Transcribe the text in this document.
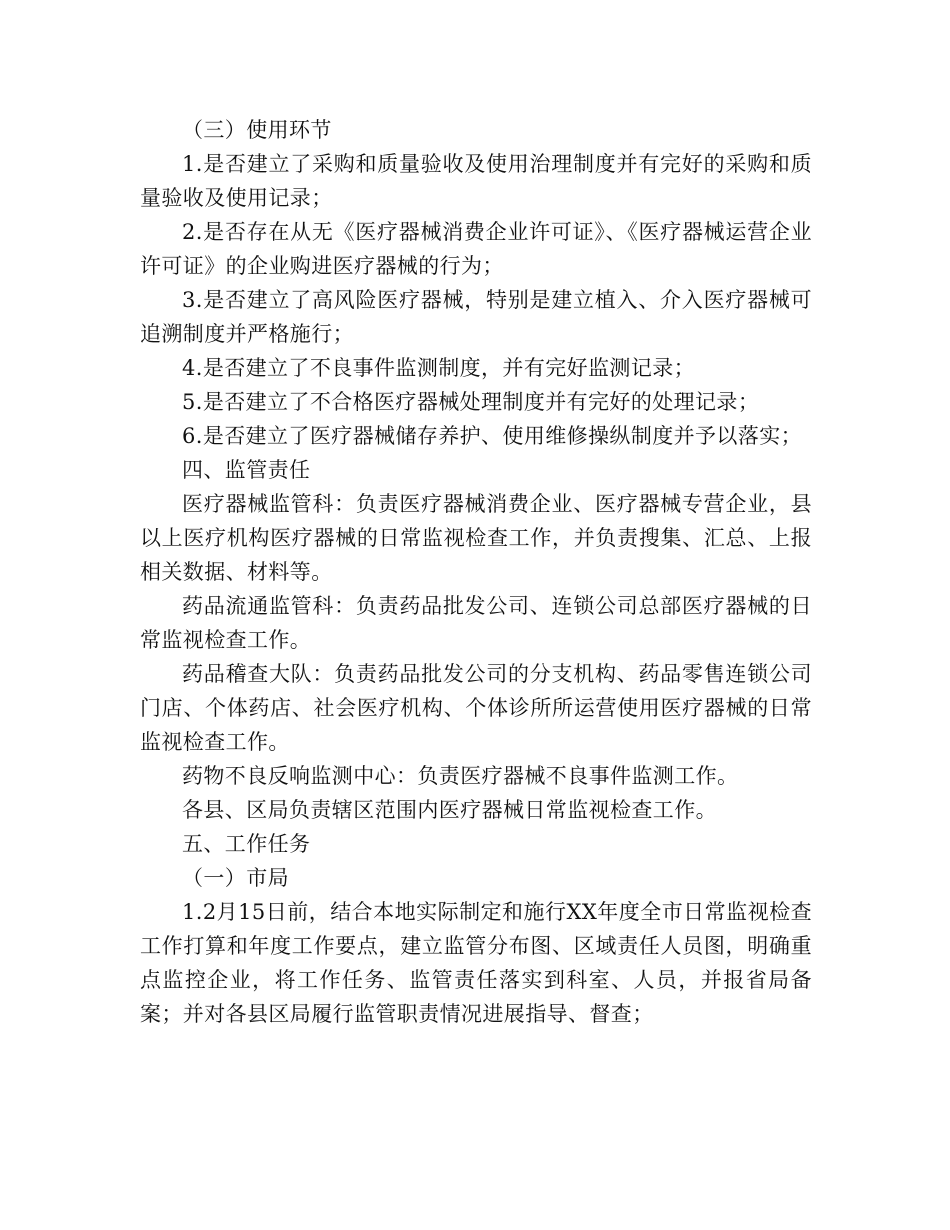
（三）使用环节

1.是否建立了采购和质量验收及使用治理制度并有完好的采购和质量验收及使用记录；

2.是否存在从无《医疗器械消费企业许可证》、《医疗器械运营企业许可证》的企业购进医疗器械的行为；

3.是否建立了高风险医疗器械，特别是建立植入、介入医疗器械可追溯制度并严格施行；

4.是否建立了不良事件监测制度，并有完好监测记录；

5.是否建立了不合格医疗器械处理制度并有完好的处理记录；

6.是否建立了医疗器械储存养护、使用维修操纵制度并予以落实；

四、监管责任

医疗器械监管科：负责医疗器械消费企业、医疗器械专营企业，县以上医疗机构医疗器械的日常监视检查工作，并负责搜集、汇总、上报相关数据、材料等。

药品流通监管科：负责药品批发公司、连锁公司总部医疗器械的日常监视检查工作。

药品稽查大队：负责药品批发公司的分支机构、药品零售连锁公司门店、个体药店、社会医疗机构、个体诊所所运营使用医疗器械的日常监视检查工作。

药物不良反响监测中心：负责医疗器械不良事件监测工作。

各县、区局负责辖区范围内医疗器械日常监视检查工作。

五、工作任务

（一）市局

1.2月15日前，结合本地实际制定和施行XX年度全市日常监视检查工作打算和年度工作要点，建立监管分布图、区域责任人员图，明确重点监控企业，将工作任务、监管责任落实到科室、人员，并报省局备案；并对各县区局履行监管职责情况进展指导、督查；
